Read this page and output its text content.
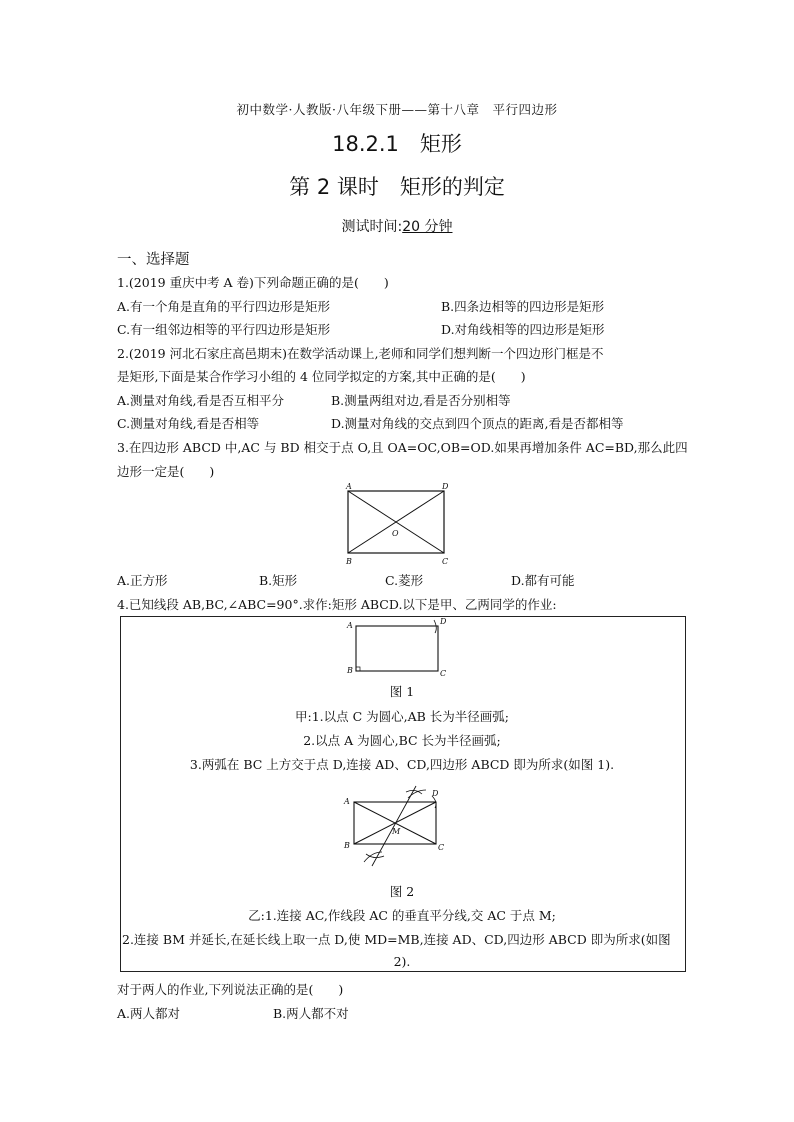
初中数学·人教版·八年级下册——第十八章　平行四边形
18.2.1　矩形
第 2 课时　矩形的判定
测试时间:20 分钟
一、选择题
1.(2019 重庆中考 A 卷)下列命题正确的是(　　)
A.有一个角是直角的平行四边形是矩形	B.四条边相等的四边形是矩形
C.有一组邻边相等的平行四边形是矩形	D.对角线相等的四边形是矩形
2.(2019 河北石家庄高邑期末)在数学活动课上,老师和同学们想判断一个四边形门框是不
是矩形,下面是某合作学习小组的 4 位同学拟定的方案,其中正确的是(　　)
A.测量对角线,看是否互相平分	B.测量两组对边,看是否分别相等
C.测量对角线,看是否相等	D.测量对角线的交点到四个顶点的距离,看是否都相等
3.在四边形 ABCD 中,AC 与 BD 相交于点 O,且 OA=OC,OB=OD.如果再增加条件 AC=BD,那么此四
边形一定是(　　)
A	D
B	C
O
A.正方形	B.矩形	C.菱形	D.都有可能
4.已知线段 AB,BC,∠ABC=90°.求作:矩形 ABCD.以下是甲、乙两同学的作业:
A	D
B	C
图 1
甲:1.以点 C 为圆心,AB 长为半径画弧;
2.以点 A 为圆心,BC 长为半径画弧;
3.两弧在 BC 上方交于点 D,连接 AD、CD,四边形 ABCD 即为所求(如图 1).
A
D
B	C
M
图 2
乙:1.连接 AC,作线段 AC 的垂直平分线,交 AC 于点 M;
2.连接 BM 并延长,在延长线上取一点 D,使 MD=MB,连接 AD、CD,四边形 ABCD 即为所求(如图
2).
对于两人的作业,下列说法正确的是(　　)
A.两人都对	B.两人都不对
